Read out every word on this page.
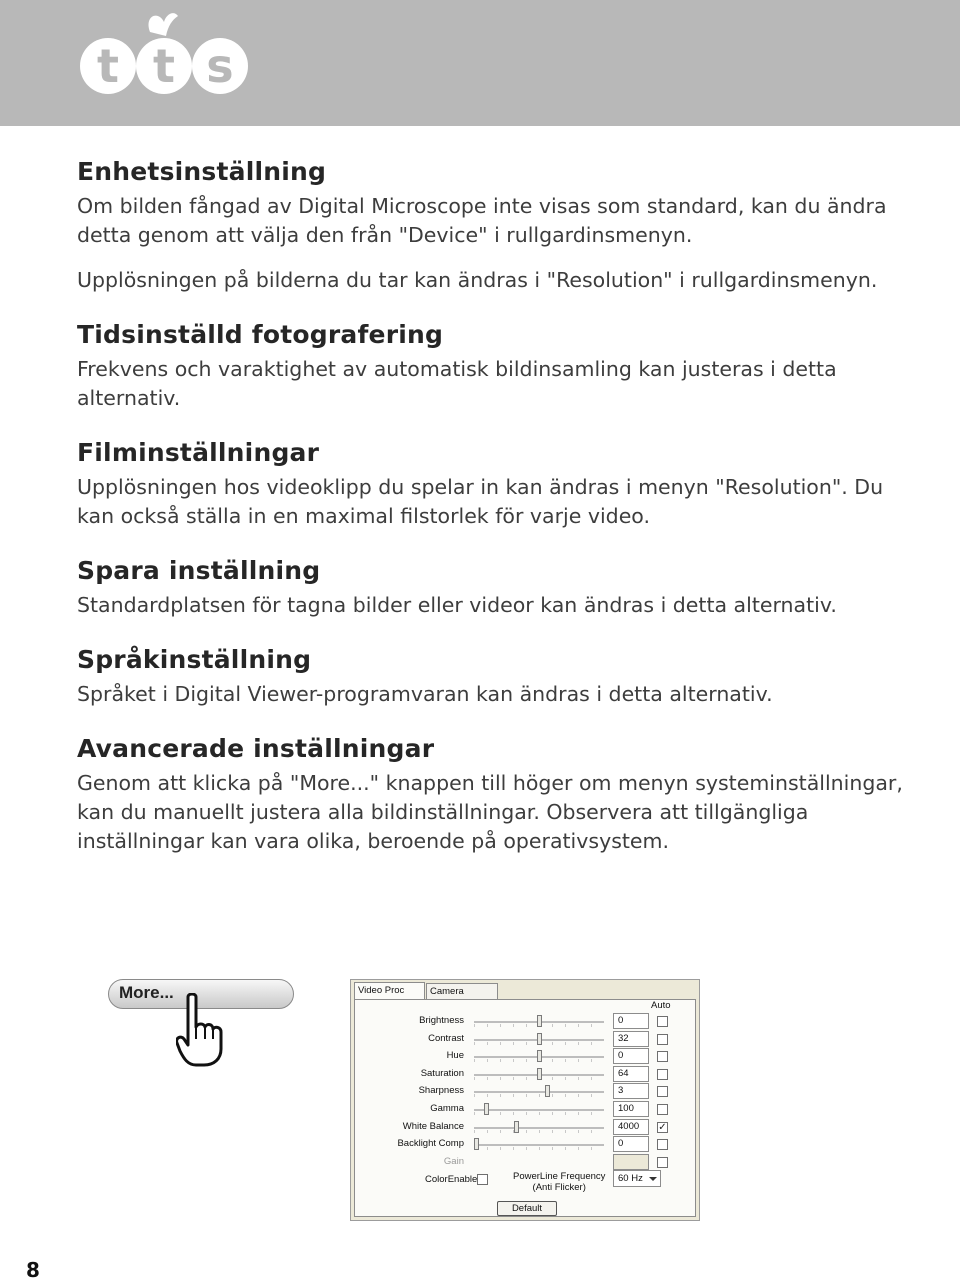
t t s
Enhetsinställning

Om bilden fångad av Digital Microscope inte visas som standard, kan du ändra detta genom att välja den från "Device" i rullgardinsmenyn.

Upplösningen på bilderna du tar kan ändras i "Resolution" i rullgardinsmenyn.

Tidsinställd fotografering

Frekvens och varaktighet av automatisk bildinsamling kan justeras i detta alternativ.

Filminställningar

Upplösningen hos videoklipp du spelar in kan ändras i menyn "Resolution". Du kan också ställa in en maximal filstorlek för varje video.

Spara inställning

Standardplatsen för tagna bilder eller videor kan ändras i detta alternativ.

Språkinställning

Språket i Digital Viewer-programvaran kan ändras i detta alternativ.

Avancerade inställningar

Genom att klicka på "More..." knappen till höger om menyn systeminställningar, kan du manuellt justera alla bildinställningar. Observera att tillgängliga inställningar kan vara olika, beroende på operativsystem.

More...	Camera
Video Proc
Auto
Brightness	0
Contrast	32
Hue	0
Saturation	64
Sharpness	3
Gamma	100
White Balance	4000	✓
Backlight Comp	0
Gain
ColorEnable	PowerLine Frequency
(Anti Flicker)
60 Hz
Default
8
